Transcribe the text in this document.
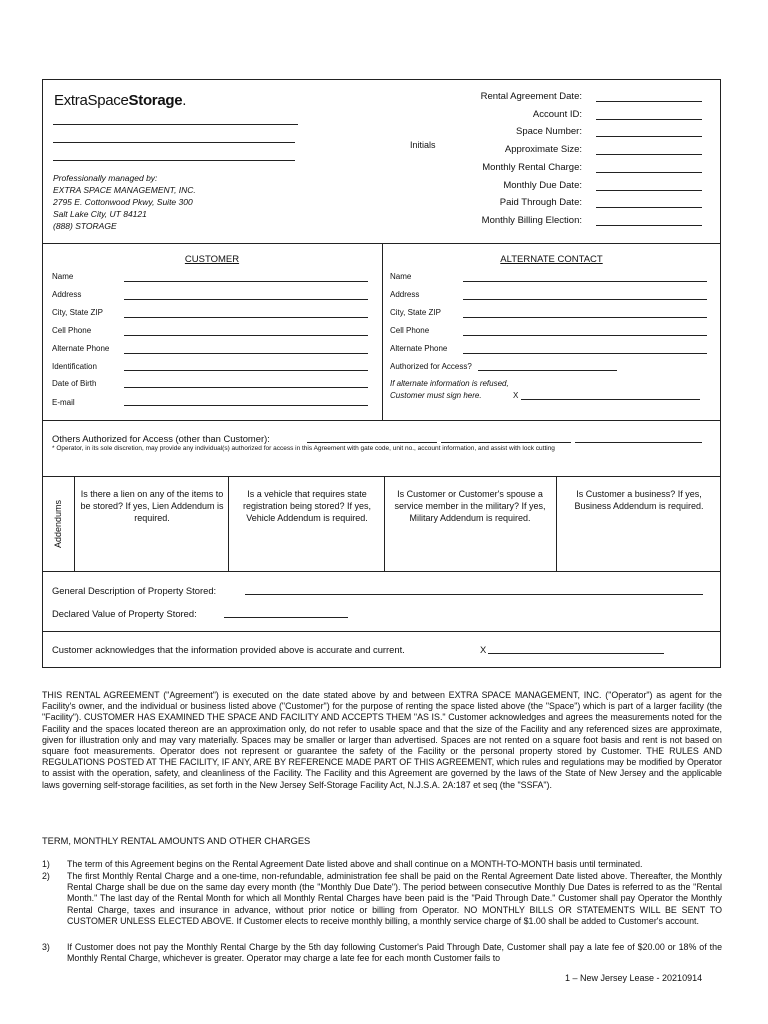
ExtraSpaceStorage.
Professionally managed by:
EXTRA SPACE MANAGEMENT, INC.
2795 E. Cottonwood Pkwy, Suite 300
Salt Lake City, UT 84121
(888) STORAGE
Initials
Rental Agreement Date:
Account ID:
Space Number:
Approximate Size:
Monthly Rental Charge:
Monthly Due Date:
Paid Through Date:
Monthly Billing Election:
CUSTOMER
Name
Address
City, State ZIP
Cell Phone
Alternate Phone
Identification
Date of Birth
E-mail
ALTERNATE CONTACT
Name
Address
City, State ZIP
Cell Phone
Alternate Phone
Authorized for Access?
If alternate information is refused,
Customer must sign here.	X
Others Authorized for Access (other than Customer):
* Operator, in its sole discretion, may provide any individual(s) authorized for access in this Agreement with gate code, unit no., account information, and assist with lock cutting
Addendums
Is there a lien on any of the items to be stored? If yes, Lien Addendum is required.
Is a vehicle that requires state registration being stored? If yes, Vehicle Addendum is required.
Is Customer or Customer's spouse a service member in the military? If yes, Military Addendum is required.
Is Customer a business? If yes, Business Addendum is required.
General Description of Property Stored:
Declared Value of Property Stored:
Customer acknowledges that the information provided above is accurate and current.	X
THIS RENTAL AGREEMENT ("Agreement") is executed on the date stated above by and between EXTRA SPACE MANAGEMENT, INC. ("Operator") as agent for the Facility's owner, and the individual or business listed above ("Customer") for the purpose of renting the space listed above (the "Space") which is part of a larger facility (the "Facility"). CUSTOMER HAS EXAMINED THE SPACE AND FACILITY AND ACCEPTS THEM "AS IS." Customer acknowledges and agrees the measurements noted for the Facility and the spaces located thereon are an approximation only, do not refer to usable space and that the size of the Facility and any referenced sizes are approximate, given for illustration only and may vary materially. Spaces may be smaller or larger than advertised. Spaces are not rented on a square foot basis and rent is not based on square foot measurements. Operator does not represent or guarantee the safety of the Facility or the personal property stored by Customer. THE RULES AND REGULATIONS POSTED AT THE FACILITY, IF ANY, ARE BY REFERENCE MADE PART OF THIS AGREEMENT, which rules and regulations may be modified by Operator to assist with the operation, safety, and cleanliness of the Facility. The Facility and this Agreement are governed by the laws of the State of New Jersey and the applicable laws governing self-storage facilities, as set forth in the New Jersey Self-Storage Facility Act, N.J.S.A. 2A:187 et seq (the "SSFA").
TERM, MONTHLY RENTAL AMOUNTS AND OTHER CHARGES
1) The term of this Agreement begins on the Rental Agreement Date listed above and shall continue on a MONTH-TO-MONTH basis until terminated.
2) The first Monthly Rental Charge and a one-time, non-refundable, administration fee shall be paid on the Rental Agreement Date listed above. Thereafter, the Monthly Rental Charge shall be due on the same day every month (the "Monthly Due Date"). The period between consecutive Monthly Due Dates is referred to as the "Rental Month." The last day of the Rental Month for which all Monthly Rental Charges have been paid is the "Paid Through Date." Customer shall pay Operator the Monthly Rental Charge, taxes and insurance in advance, without prior notice or billing from Operator. NO MONTHLY BILLS OR STATEMENTS WILL BE SENT TO CUSTOMER UNLESS ELECTED ABOVE. If Customer elects to receive monthly billing, a monthly service charge of $1.00 shall be added to Customer's account.
3) If Customer does not pay the Monthly Rental Charge by the 5th day following Customer's Paid Through Date, Customer shall pay a late fee of $20.00 or 18% of the Monthly Rental Charge, whichever is greater. Operator may charge a late fee for each month Customer fails to
1 – New Jersey Lease - 20210914
